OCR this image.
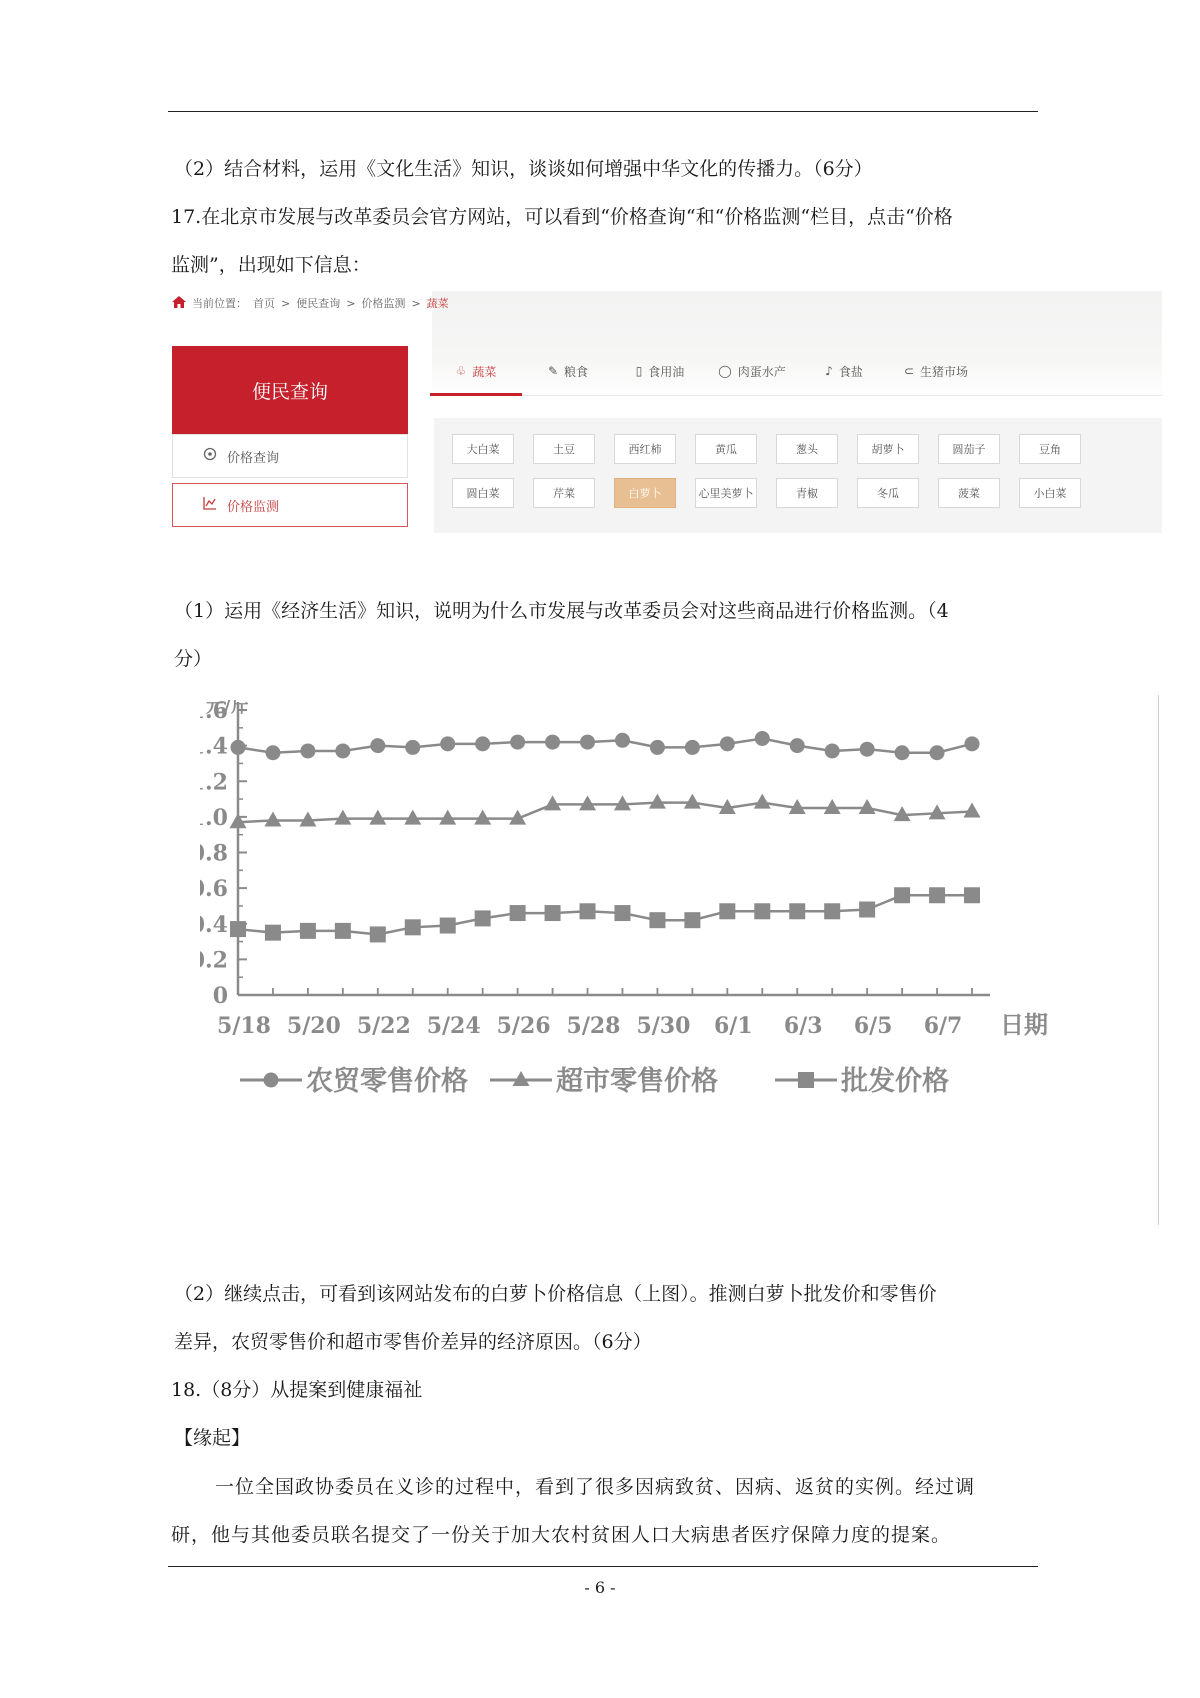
（2）结合材料，运用《文化生活》知识，谈谈如何增强中华文化的传播力。（6分）
17.在北京市发展与改革委员会官方网站，可以看到“价格查询“和“价格监测“栏目，点击“价格
监测”，出现如下信息：
当前位置： 首页 > 便民查询 > 价格监测 > 蔬菜
便民查询
价格查询
价格监测
♧ 蔬菜	✎ 粮食	▯ 食用油	◯ 肉蛋水产	♪ 食盐	⊂ 生猪市场
大白菜	土豆	西红柿	黄瓜	葱头	胡萝卜	圆茄子	豆角
圆白菜	芹菜	白萝卜	心里美萝卜	青椒	冬瓜	菠菜	小白菜
（1）运用《经济生活》知识，说明为什么市发展与改革委员会对这些商品进行价格监测。（4
分）
元/斤
0
.2
.4
.6
.8
.0
.2
.4
.6
5/18 5/20 5/22 5/24 5/26 5/28 5/30 6/1 6/3 6/5 6/7 日期
农贸零售价格	超市零售价格	批发价格
（2）继续点击，可看到该网站发布的白萝卜价格信息（上图）。推测白萝卜批发价和零售价
差异，农贸零售价和超市零售价差异的经济原因。（6分）
18.（8分）从提案到健康福祉
【缘起】
一位全国政协委员在义诊的过程中，看到了很多因病致贫、因病、返贫的实例。经过调
研，他与其他委员联名提交了一份关于加大农村贫困人口大病患者医疗保障力度的提案。
- 6 -
